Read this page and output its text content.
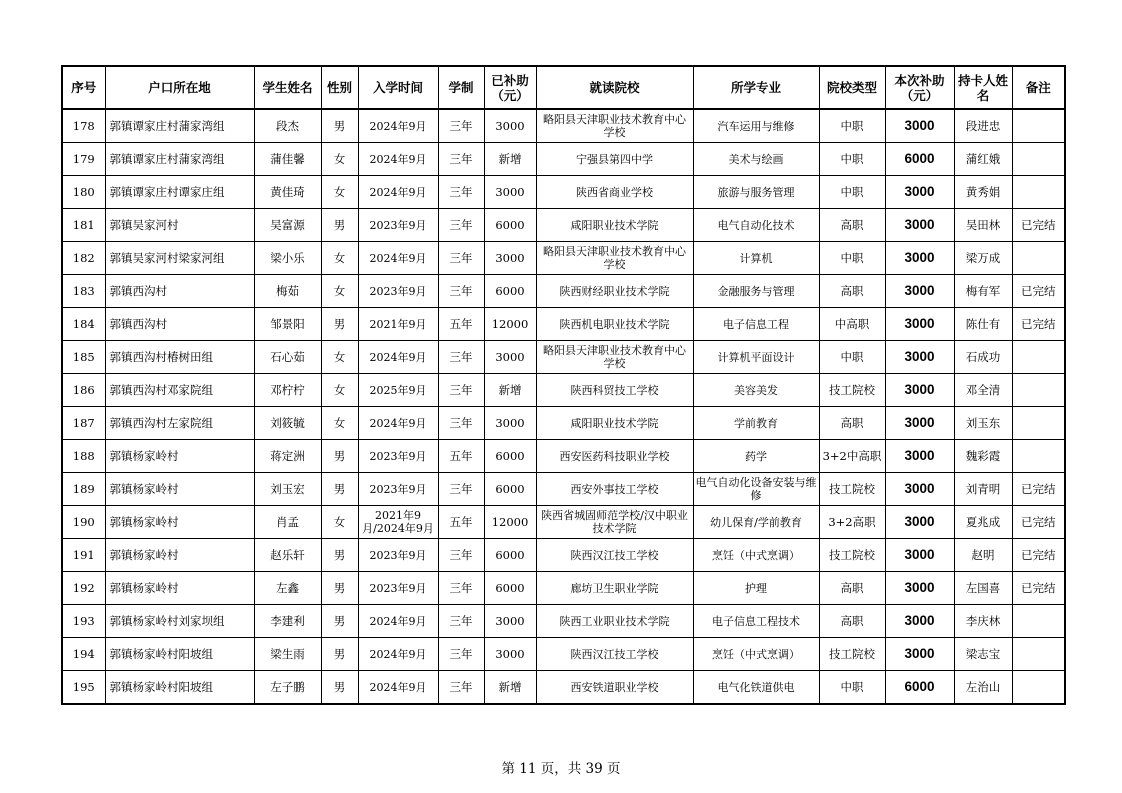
序号	户口所在地	学生姓名	性别	入学时间	学制	已补助（元）	就读院校	所学专业	院校类型	本次补助（元）	持卡人姓名	备注
178	郭镇谭家庄村蒲家湾组	段杰	男	2024年9月	三年	3000	略阳县天津职业技术教育中心学校	汽车运用与维修	中职	3000	段进忠	
179	郭镇谭家庄村蒲家湾组	蒲佳馨	女	2024年9月	三年	新增	宁强县第四中学	美术与绘画	中职	6000	蒲红娥	
180	郭镇谭家庄村谭家庄组	黄佳琦	女	2024年9月	三年	3000	陕西省商业学校	旅游与服务管理	中职	3000	黄秀娟	
181	郭镇吴家河村	吴富源	男	2023年9月	三年	6000	咸阳职业技术学院	电气自动化技术	高职	3000	吴田林	已完结
182	郭镇吴家河村梁家河组	梁小乐	女	2024年9月	三年	3000	略阳县天津职业技术教育中心学校	计算机	中职	3000	梁万成	
183	郭镇西沟村	梅茹	女	2023年9月	三年	6000	陕西财经职业技术学院	金融服务与管理	高职	3000	梅有军	已完结
184	郭镇西沟村	邹景阳	男	2021年9月	五年	12000	陕西机电职业技术学院	电子信息工程	中高职	3000	陈仕有	已完结
185	郭镇西沟村椿树田组	石心茹	女	2024年9月	三年	3000	略阳县天津职业技术教育中心学校	计算机平面设计	中职	3000	石成功	
186	郭镇西沟村邓家院组	邓柠柠	女	2025年9月	三年	新增	陕西科贸技工学校	美容美发	技工院校	3000	邓全清	
187	郭镇西沟村左家院组	刘筱毓	女	2024年9月	三年	3000	咸阳职业技术学院	学前教育	高职	3000	刘玉东	
188	郭镇杨家岭村	蒋定洲	男	2023年9月	五年	6000	西安医药科技职业学校	药学	3+2中高职	3000	魏彩霞	
189	郭镇杨家岭村	刘玉宏	男	2023年9月	三年	6000	西安外事技工学校	电气自动化设备安装与维修	技工院校	3000	刘青明	已完结
190	郭镇杨家岭村	肖孟	女	2021年9月/2024年9月	五年	12000	陕西省城固师范学校/汉中职业技术学院	幼儿保育/学前教育	3+2高职	3000	夏兆成	已完结
191	郭镇杨家岭村	赵乐轩	男	2023年9月	三年	6000	陕西汉江技工学校	烹饪（中式烹调）	技工院校	3000	赵明	已完结
192	郭镇杨家岭村	左鑫	男	2023年9月	三年	6000	廊坊卫生职业学院	护理	高职	3000	左国喜	已完结
193	郭镇杨家岭村刘家坝组	李建利	男	2024年9月	三年	3000	陕西工业职业技术学院	电子信息工程技术	高职	3000	李庆林	
194	郭镇杨家岭村阳坡组	梁生雨	男	2024年9月	三年	3000	陕西汉江技工学校	烹饪（中式烹调）	技工院校	3000	梁志宝	
195	郭镇杨家岭村阳坡组	左子鹏	男	2024年9月	三年	新增	西安铁道职业学校	电气化铁道供电	中职	6000	左治山	
第 11 页，共 39 页
